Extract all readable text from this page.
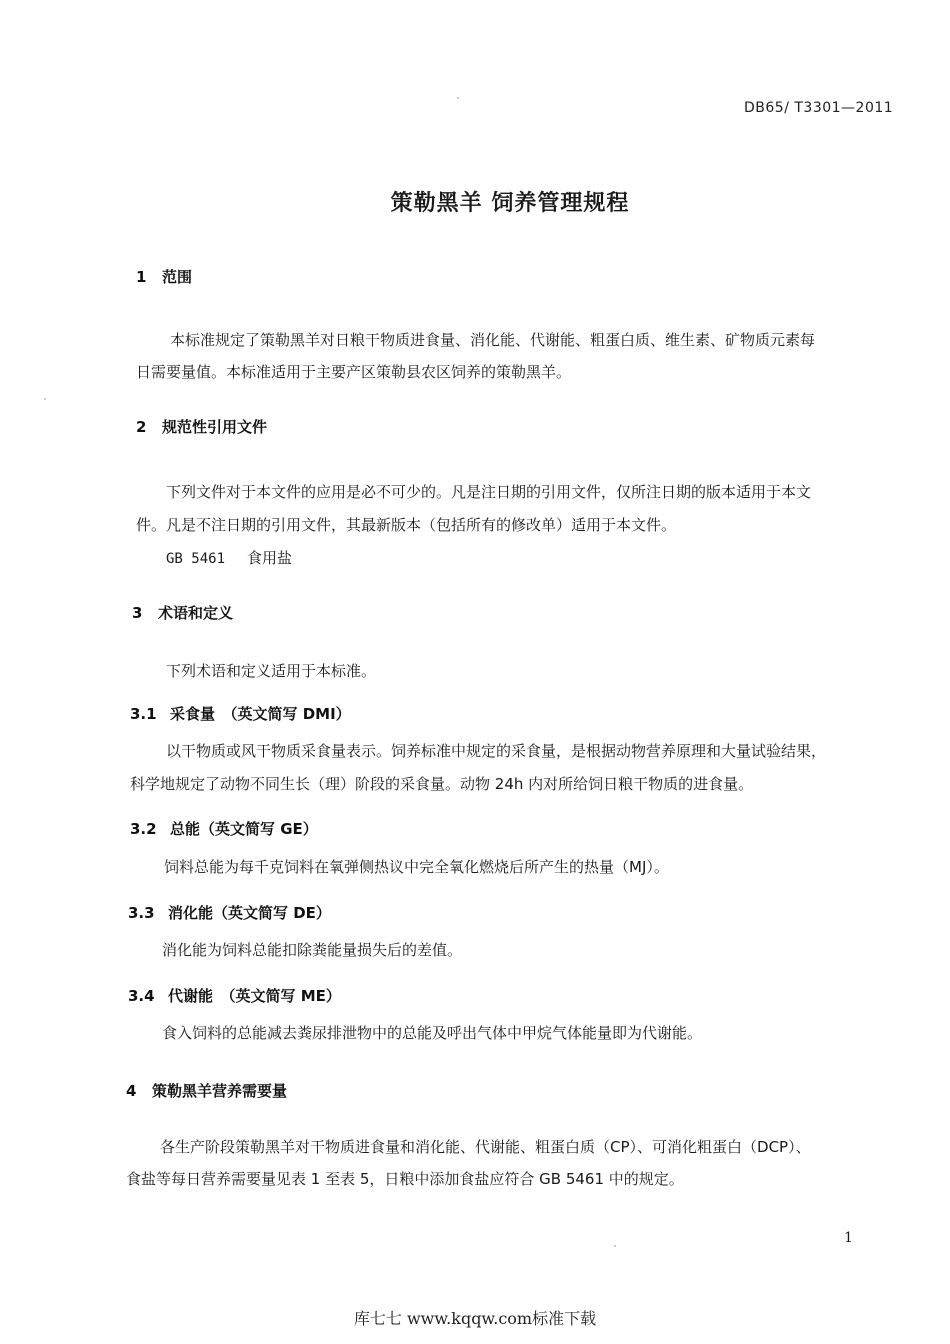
DB65/ T3301—2011
策勒黑羊 饲养管理规程
1 范围
本标准规定了策勒黑羊对日粮干物质进食量、消化能、代谢能、粗蛋白质、维生素、矿物质元素每
日需要量值。本标准适用于主要产区策勒县农区饲养的策勒黑羊。
2 规范性引用文件
下列文件对于本文件的应用是必不可少的。凡是注日期的引用文件，仅所注日期的版本适用于本文
件。凡是不注日期的引用文件，其最新版本（包括所有的修改单）适用于本文件。
GB 5461 食用盐
3 术语和定义
下列术语和定义适用于本标准。
3.1 采食量　（英文简写 DMI）
以干物质或风干物质采食量表示。饲养标准中规定的采食量，是根据动物营养原理和大量试验结果，
科学地规定了动物不同生长（理）阶段的采食量。动物 24h 内对所给饲日粮干物质的进食量。
3.2 总能（英文简写 GE）
饲料总能为每千克饲料在氧弹侧热议中完全氧化燃烧后所产生的热量（MJ）。
3.3 消化能（英文简写 DE）
消化能为饲料总能扣除粪能量损失后的差值。
3.4 代谢能　（英文简写 ME）
食入饲料的总能减去粪尿排泄物中的总能及呼出气体中甲烷气体能量即为代谢能。
4 策勒黑羊营养需要量
各生产阶段策勒黑羊对干物质进食量和消化能、代谢能、粗蛋白质（CP）、可消化粗蛋白（DCP）、
食盐等每日营养需要量见表 1 至表 5，日粮中添加食盐应符合 GB 5461 中的规定。
1
库七七 www.kqqw.com标准下载
